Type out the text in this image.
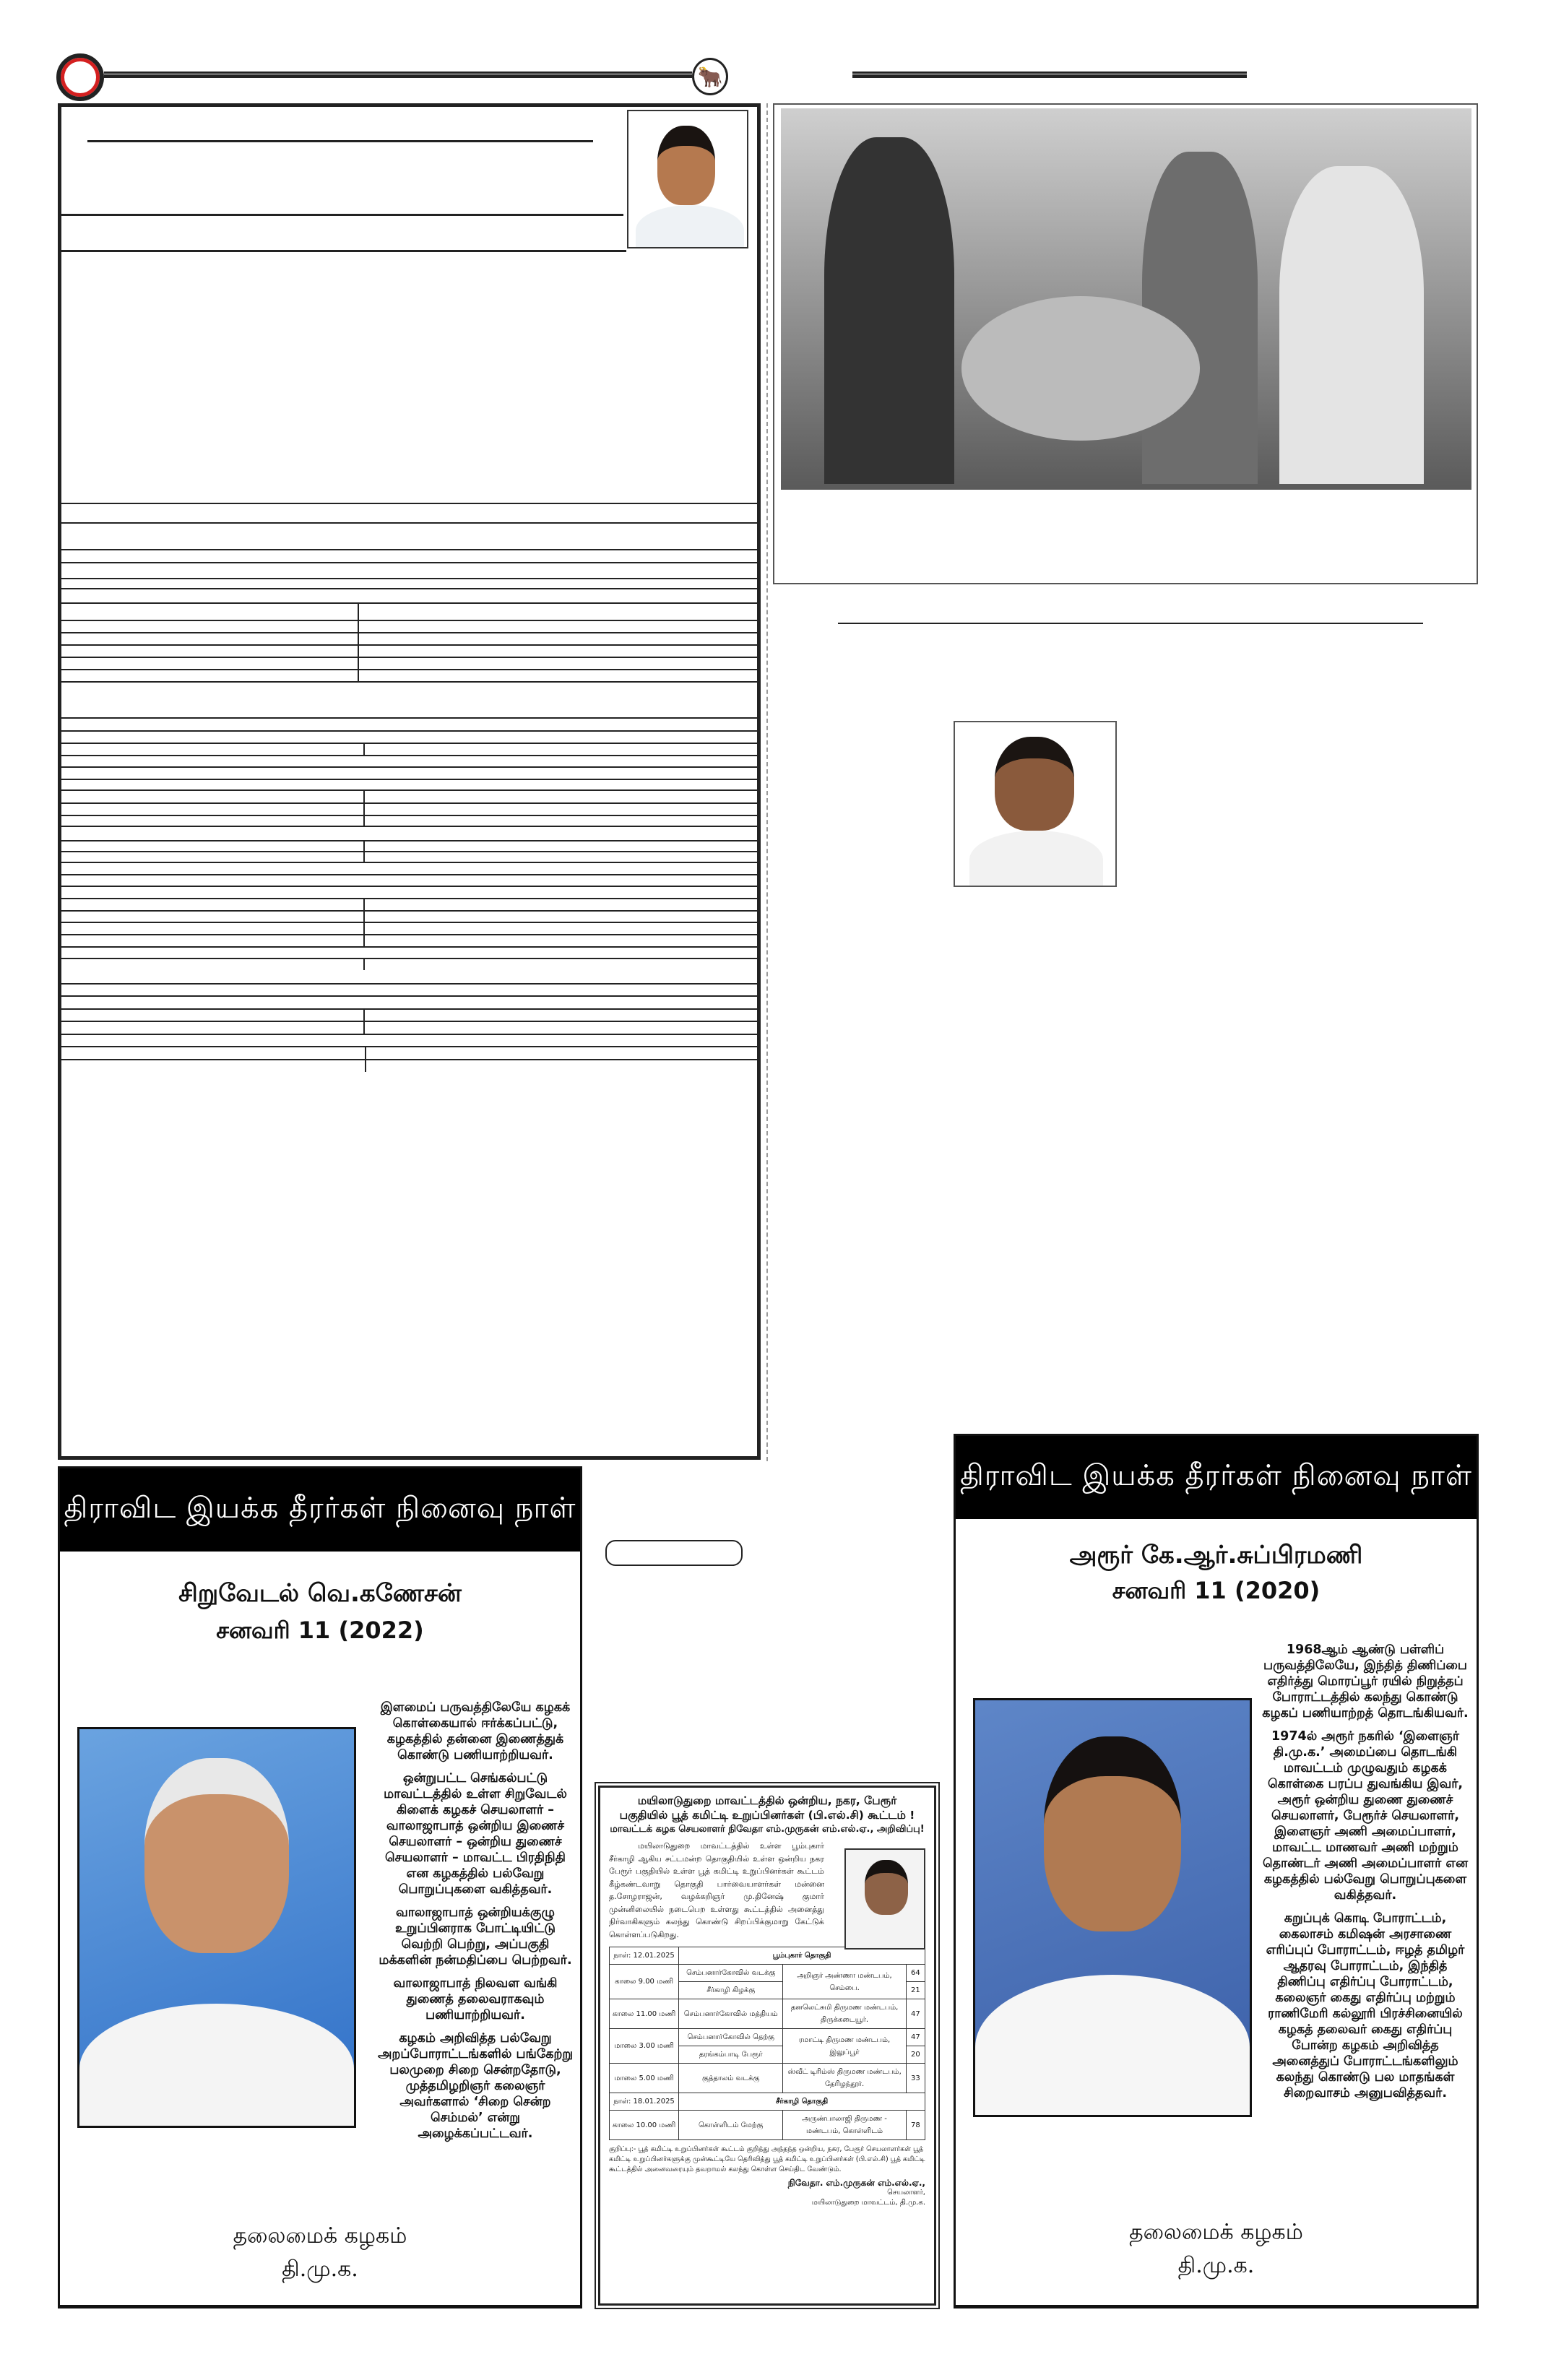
🐂
திராவிட இயக்க தீரர்கள் நினைவு நாள்
சிறுவேடல் வெ.கணேசன்
சனவரி 11 (2022)

இளமைப் பருவத்திலேயே கழகக் கொள்கையால் ஈர்க்கப்பட்டு, கழகத்தில் தன்னை இணைத்துக் கொண்டு பணியாற்றியவர்.

ஒன்றுபட்ட செங்கல்பட்டு மாவட்டத்தில் உள்ள சிறுவேடல் கிளைக் கழகச் செயலாளர் – வாலாஜாபாத் ஒன்றிய இணைச் செயலாளர் – ஒன்றிய துணைச் செயலாளர் – மாவட்ட பிரதிநிதி என கழகத்தில் பல்வேறு பொறுப்புகளை வகித்தவர்.

வாலாஜாபாத் ஒன்றியக்குழு உறுப்பினராக போட்டியிட்டு வெற்றி பெற்று, அப்பகுதி மக்களின் நன்மதிப்பை பெற்றவர்.

வாலாஜாபாத் நிலவள வங்கி துணைத் தலைவராகவும் பணியாற்றியவர்.

கழகம் அறிவித்த பல்வேறு அறப்போராட்டங்களில் பங்கேற்று பலமுறை சிறை சென்றதோடு, முத்தமிழறிஞர் கலைஞர் அவர்களால் ‘சிறை சென்ற செம்மல்’ என்று அழைக்கப்பட்டவர்.

தலைமைக் கழகம்
தி.மு.க.
மயிலாடுதுறை மாவட்டத்தில் ஒன்றிய, நகர, பேரூர்
பகுதியில் பூத் கமிட்டி உறுப்பினர்கள் (பி.எல்.சி) கூட்டம் !
மாவட்டக் கழக செயலாளர் நிவேதா எம்.முருகன் எம்.எல்.ஏ., அறிவிப்பு!
மயிலாடுதுறை மாவட்டத்தில் உள்ள பூம்புகார் சீர்காழி ஆகிய சட்டமன்ற தொகுதியில் உள்ள ஒன்றிய நகர பேரூர் பகுதியில் உள்ள பூத் கமிட்டி உறுப்பினர்கள் கூட்டம் கீழ்கண்டவாறு தொகுதி பார்வையாளர்கள் மன்னை த.சோழராஜன், வழக்கறிஞர் மு.தினேஷ் குமார் முன்னிலையில் நடைபெற உள்ளது கூட்டத்தில் அனைத்து நிர்வாகிகளும் கலந்து கொண்டு சிறப்பிக்குமாறு கேட்டுக் கொள்ளப்படுகிறது.
நாள்: 12.01.2025	பூம்புகார் தொகுதி		
காலை 9.00 மணி	செம்பனார்கோவில் வடக்கு	அறிஞர் அண்ணா மண்டபம், செம்பை.	64
	சீர்காழி கிழக்கு		21
காலை 11.00 மணி	செம்பனார்கோவில் மத்தியம்	தனலெட்சுமி திருமண மண்டபம், திருக்கடையூர்.	47
மாலை 3.00 மணி	செம்பனார்கோவில் தெற்கு	ரமாட்டி திருமண மண்டபம், இலுப்பூர்	47
	தரங்கம்பாடி பேரூர்		20
மாலை 5.00 மணி	குத்தாலம் வடக்கு	ஸ்வீட் டிரிம்ஸ் திருமண மண்டபம், தேரிழந்தூர்.	33
நாள்: 18.01.2025	சீர்காழி தொகுதி		
காலை 10.00 மணி	கொள்ளிடம் மேற்கு	அருண்பாலாஜி திருமண - மண்டபம், கொள்ளிடம்	78
குறிப்பு:- பூத் கமிட்டி உறுப்பினர்கள் கூட்டம் குறித்து அந்தந்த ஒன்றிய, நகர, பேரூர் செயலாளர்கள் பூத் கமிட்டி உறுப்பினர்களுக்கு முன்கூட்டியே தெரிவித்து பூத் கமிட்டி உறுப்பினர்கள் (பி.எல்.சி) பூத் கமிட்டி கூட்டத்தில் அனைவரையும் தவறாமல் கலந்து கொள்ள செய்திட வேண்டும்.
நிவேதா. எம்.முருகன் எம்.எல்.ஏ.,
செயலாளர்,
மயிலாடுதுறை மாவட்டம், தி.மு.க.
திராவிட இயக்க தீரர்கள் நினைவு நாள்
அரூர் கே.ஆர்.சுப்பிரமணி
சனவரி 11 (2020)

1968ஆம் ஆண்டு பள்ளிப் பருவத்திலேயே, இந்தித் திணிப்பை எதிர்த்து மொரப்பூர் ரயில் நிறுத்தப் போராட்டத்தில் கலந்து கொண்டு கழகப் பணியாற்றத் தொடங்கியவர்.

1974ல் அரூர் நகரில் ‘இளைஞர் தி.மு.க.’ அமைப்பை தொடங்கி மாவட்டம் முழுவதும் கழகக் கொள்கை பரப்ப துவங்கிய இவர், அரூர் ஒன்றிய துணை துணைச் செயலாளர், பேரூர்ச் செயலாளர், இளைஞர் அணி அமைப்பாளர், மாவட்ட மாணவர் அணி மற்றும் தொண்டர் அணி அமைப்பாளர் என கழகத்தில் பல்வேறு பொறுப்புகளை வகித்தவர்.

கறுப்புக் கொடி போராட்டம், கைலாசம் கமிஷன் அரசாணை எரிப்புப் போராட்டம், ஈழத் தமிழர் ஆதரவு போராட்டம், இந்தித் திணிப்பு எதிர்ப்பு போராட்டம், கலைஞர் கைது எதிர்ப்பு மற்றும் ராணிமேரி கல்லூரி பிரச்சினையில் கழகத் தலைவர் கைது எதிர்ப்பு போன்ற கழகம் அறிவித்த அனைத்துப் போராட்டங்களிலும் கலந்து கொண்டு பல மாதங்கள் சிறைவாசம் அனுபவித்தவர்.

தலைமைக் கழகம்
தி.மு.க.
